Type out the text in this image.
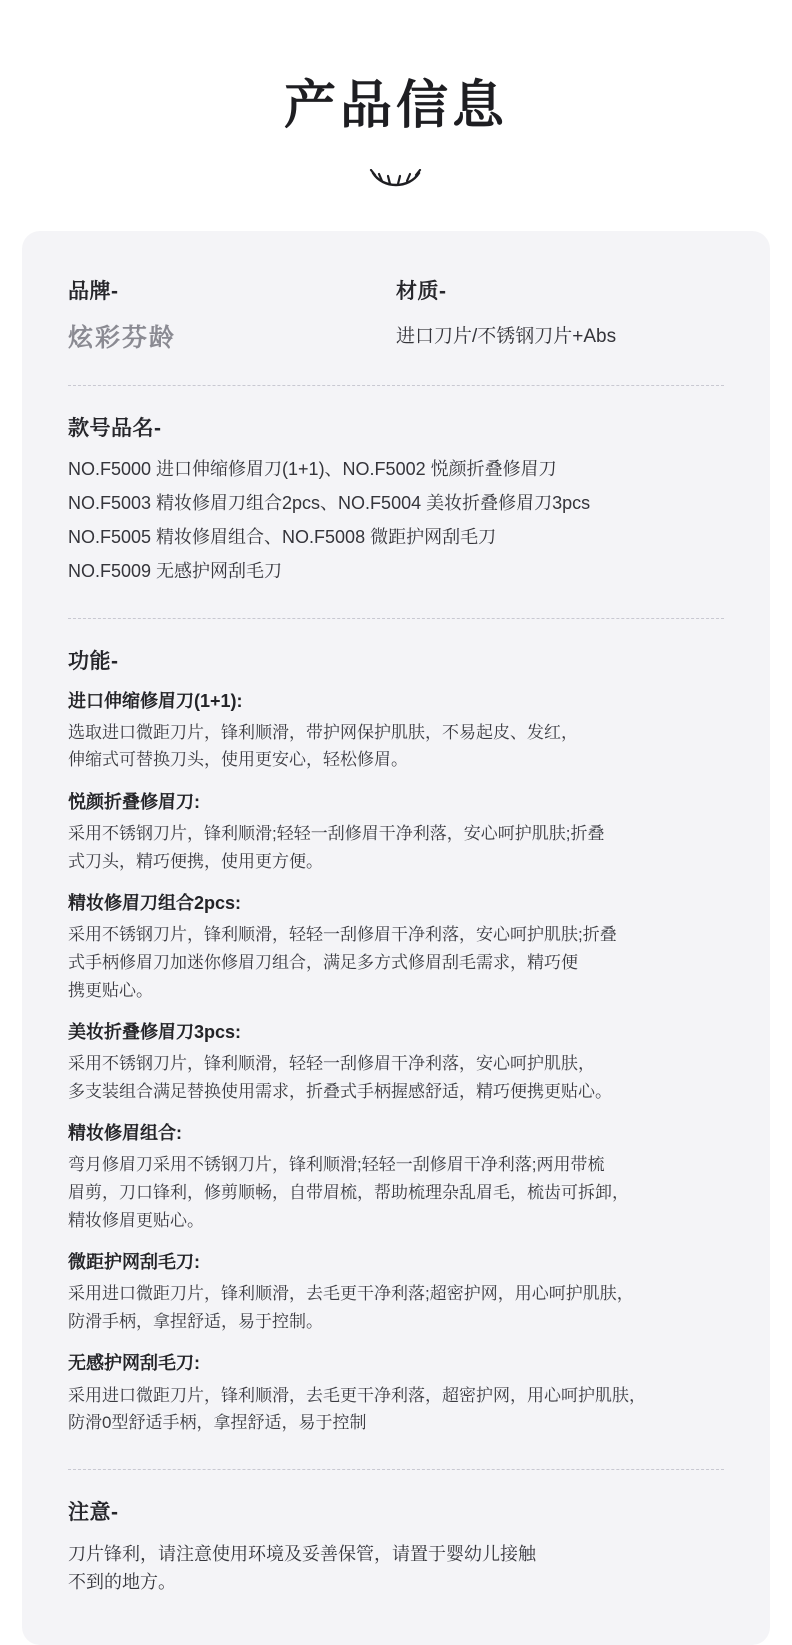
产品信息
品牌-
炫彩芬龄
材质-
进口刀片/不锈钢刀片+Abs
款号品名-

NO.F5000 进口伸缩修眉刀(1+1)、NO.F5002 悦颜折叠修眉刀

NO.F5003 精妆修眉刀组合2pcs、NO.F5004 美妆折叠修眉刀3pcs

NO.F5005 精妆修眉组合、NO.F5008 微距护网刮毛刀

NO.F5009 无感护网刮毛刀

功能-
进口伸缩修眉刀(1+1):
选取进口微距刀片，锋利顺滑，带护网保护肌肤，不易起皮、发红，
伸缩式可替换刀头，使用更安心，轻松修眉。
悦颜折叠修眉刀:
采用不锈钢刀片，锋利顺滑;轻轻一刮修眉干净利落，安心呵护肌肤;折叠
式刀头，精巧便携，使用更方便。
精妆修眉刀组合2pcs:
采用不锈钢刀片，锋利顺滑，轻轻一刮修眉干净利落，安心呵护肌肤;折叠
式手柄修眉刀加迷你修眉刀组合，满足多方式修眉刮毛需求，精巧便
携更贴心。
美妆折叠修眉刀3pcs:
采用不锈钢刀片，锋利顺滑，轻轻一刮修眉干净利落，安心呵护肌肤，
多支装组合满足替换使用需求，折叠式手柄握感舒适，精巧便携更贴心。
精妆修眉组合:
弯月修眉刀采用不锈钢刀片，锋利顺滑;轻轻一刮修眉干净利落;两用带梳
眉剪，刀口锋利，修剪顺畅，自带眉梳，帮助梳理杂乱眉毛，梳齿可拆卸，
精妆修眉更贴心。
微距护网刮毛刀:
采用进口微距刀片，锋利顺滑，去毛更干净利落;超密护网，用心呵护肌肤，
防滑手柄，拿捏舒适，易于控制。
无感护网刮毛刀:
采用进口微距刀片，锋利顺滑，去毛更干净利落，超密护网，用心呵护肌肤，
防滑0型舒适手柄，拿捏舒适，易于控制
注意-
刀片锋利，请注意使用环境及妥善保管，请置于婴幼儿接触
不到的地方。
